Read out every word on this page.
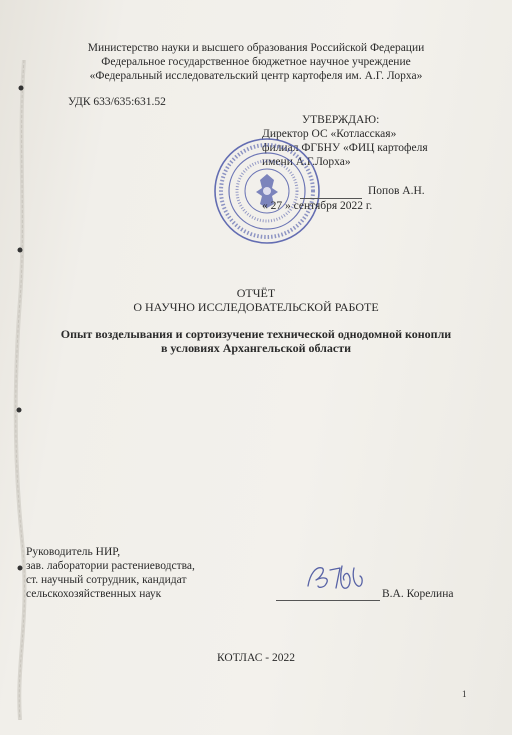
Министерство науки и высшего образования Российской Федерации
Федеральное государственное бюджетное научное учреждение
«Федеральный исследовательский центр картофеля им. А.Г. Лорха»
УДК 633/635:631.52
УТВЕРЖДАЮ:
Директор ОС «Котласская»
филиал ФГБНУ «ФИЦ картофеля
имени А.Г.Лорха»
Попов А.Н.
« 27 » сентября 2022 г.
ОТЧЁТ
О НАУЧНО ИССЛЕДОВАТЕЛЬСКОЙ РАБОТЕ
Опыт возделывания и сортоизучение технической однодомной конопли
в условиях Архангельской области
Руководитель НИР,
зав. лаборатории растениеводства,
ст. научный сотрудник, кандидат
сельскохозяйственных наук	В.А. Корелина
КОТЛАС - 2022
1
